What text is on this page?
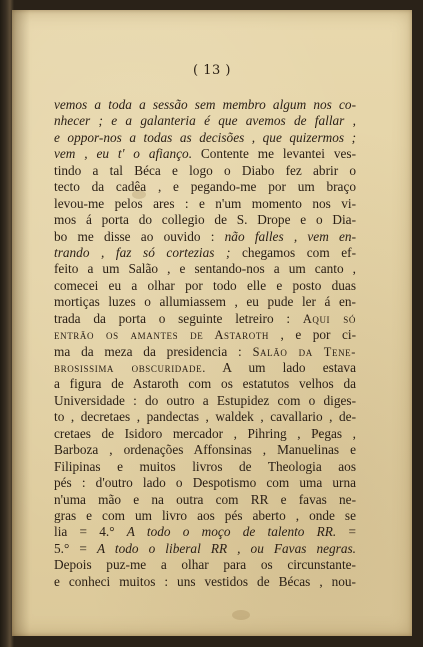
( 13 )
vemos a toda a sessão sem membro algum nos co-
nhecer ; e a galanteria é que avemos de fallar ,
e oppor-nos a todas as decisões , que quizermos ;
vem , eu t' o afianço. Contente me levantei ves-
tindo a tal Béca e logo o Diabo fez abrir o
tecto da cadêa , e pegando-me por um braço
levou-me pelos ares : e n'um momento nos vi-
mos á porta do collegio de S. Drope e o Dia-
bo me disse ao ouvido : não falles , vem en-
trando , faz só cortezias ; chegamos com ef-
feito a um Salão , e sentando-nos a um canto ,
comecei eu a olhar por todo elle e posto duas
mortiças luzes o allumiassem , eu pude ler á en-
trada da porta o seguinte letreiro : Aqui só
entrão os amantes de Astaroth , e por ci-
ma da meza da presidencia : Salão da Tene-
brosissima obscuridade. A um lado estava
a figura de Astaroth com os estatutos velhos da
Universidade : do outro a Estupidez com o diges-
to , decretaes , pandectas , waldek , cavallario , de-
cretaes de Isidoro mercador , Pihring , Pegas ,
Barboza , ordenações Affonsinas , Manuelinas e
Filipinas e muitos livros de Theologia aos
pés : d'outro lado o Despotismo com uma urna
n'uma mão e na outra com RR e favas ne-
gras e com um livro aos pés aberto , onde se
lia = 4.° A todo o moço de talento RR. =
5.° = A todo o liberal RR , ou Favas negras.
Depois puz-me a olhar para os circunstante-
e conheci muitos : uns vestidos de Bécas , nou-
